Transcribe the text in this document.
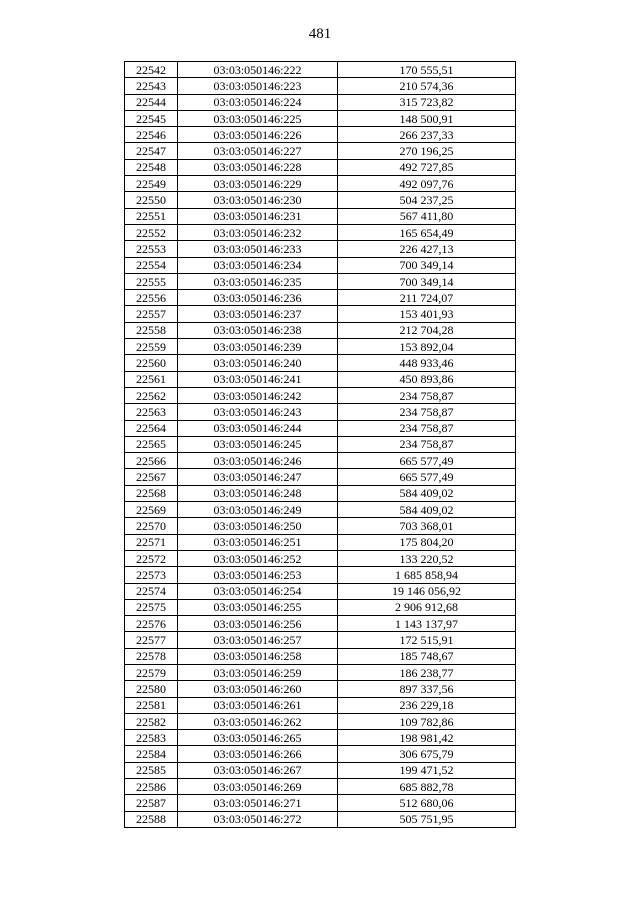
481
22542	03:03:050146:222	170 555,51
22543	03:03:050146:223	210 574,36
22544	03:03:050146:224	315 723,82
22545	03:03:050146:225	148 500,91
22546	03:03:050146:226	266 237,33
22547	03:03:050146:227	270 196,25
22548	03:03:050146:228	492 727,85
22549	03:03:050146:229	492 097,76
22550	03:03:050146:230	504 237,25
22551	03:03:050146:231	567 411,80
22552	03:03:050146:232	165 654,49
22553	03:03:050146:233	226 427,13
22554	03:03:050146:234	700 349,14
22555	03:03:050146:235	700 349,14
22556	03:03:050146:236	211 724,07
22557	03:03:050146:237	153 401,93
22558	03:03:050146:238	212 704,28
22559	03:03:050146:239	153 892,04
22560	03:03:050146:240	448 933,46
22561	03:03:050146:241	450 893,86
22562	03:03:050146:242	234 758,87
22563	03:03:050146:243	234 758,87
22564	03:03:050146:244	234 758,87
22565	03:03:050146:245	234 758,87
22566	03:03:050146:246	665 577,49
22567	03:03:050146:247	665 577,49
22568	03:03:050146:248	584 409,02
22569	03:03:050146:249	584 409,02
22570	03:03:050146:250	703 368,01
22571	03:03:050146:251	175 804,20
22572	03:03:050146:252	133 220,52
22573	03:03:050146:253	1 685 858,94
22574	03:03:050146:254	19 146 056,92
22575	03:03:050146:255	2 906 912,68
22576	03:03:050146:256	1 143 137,97
22577	03:03:050146:257	172 515,91
22578	03:03:050146:258	185 748,67
22579	03:03:050146:259	186 238,77
22580	03:03:050146:260	897 337,56
22581	03:03:050146:261	236 229,18
22582	03:03:050146:262	109 782,86
22583	03:03:050146:265	198 981,42
22584	03:03:050146:266	306 675,79
22585	03:03:050146:267	199 471,52
22586	03:03:050146:269	685 882,78
22587	03:03:050146:271	512 680,06
22588	03:03:050146:272	505 751,95
